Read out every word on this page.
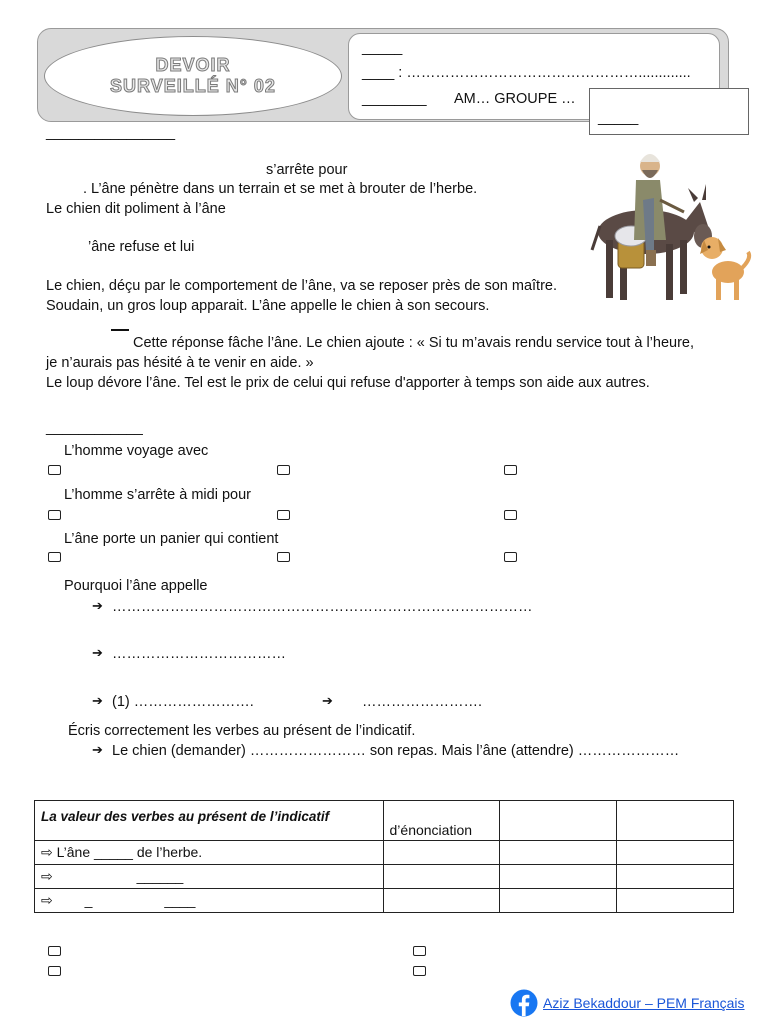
DEVOIR
SURVEILLÉ N° 02
_____
____ : ………………………………………….............
________ AM… GROUPE …
_____
________________
s’arrête pour
. L’âne pénètre dans un terrain et se met à brouter de l’herbe.
Le chien dit poliment à l’âne
’âne refuse et lui
Le chien, déçu par le comportement de l’âne, va se reposer près de son maître.
Soudain, un gros loup apparait. L’âne appelle le chien à son secours.
Cette réponse fâche l’âne. Le chien ajoute : « Si tu m’avais rendu service tout à l’heure,
je n’aurais pas hésité à te venir en aide. »
Le loup dévore l’âne. Tel est le prix de celui qui refuse d'apporter à temps son aide aux autres.
____________
L’homme voyage avec
L’homme s’arrête à midi pour
L’âne porte un panier qui contient
Pourquoi l’âne appelle
➔ ……………………………………………………………………………
➔ ………………………………
➔ (1) …………………….	➔ …………………….
Écris correctement les verbes au présent de l’indicatif.
➔ Le chien (demander) …………………… son repas. Mais l’âne (attendre) …………………
La valeur des verbes au présent de l’indicatif	d’énonciation		
⇨ L’âne _____ de l’herbe.			
⇨ ______			
⇨ _ ____			
Aziz Bekaddour – PEM Français
